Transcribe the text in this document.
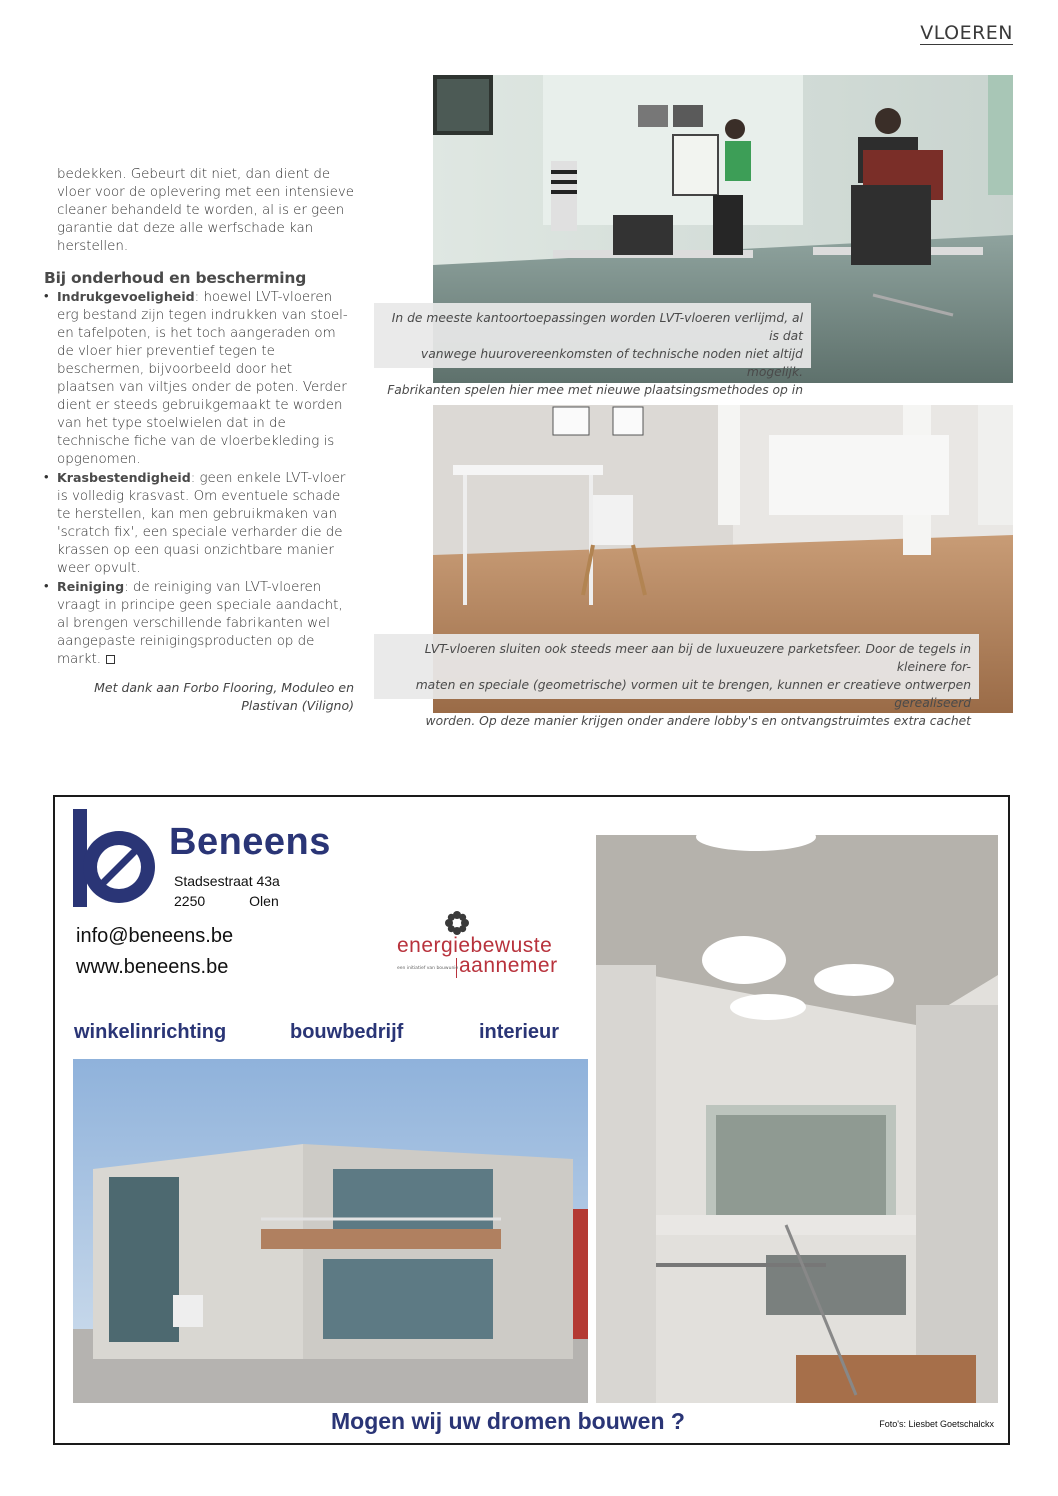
VLOEREN
bedekken. Gebeurt dit niet, dan dient de
vloer voor de oplevering met een intensieve
cleaner behandeld te worden, al is er geen
garantie dat deze alle werfschade kan
herstellen.
Bij onderhoud en bescherming
• Indrukgevoeligheid: hoewel LVT-vloeren erg bestand zijn tegen indrukken van stoel- en tafelpoten, is het toch aangeraden om de vloer hier preventief tegen te beschermen, bijvoorbeeld door het plaatsen van viltjes onder de poten. Verder dient er steeds gebruikgemaakt te worden van het type stoelwielen dat in de technische fiche van de vloerbekleding is opgenomen.
• Krasbestendigheid: geen enkele LVT-vloer is volledig krasvast. Om eventuele schade te herstellen, kan men gebruikmaken van 'scratch fix', een speciale verharder die de krassen op een quasi onzichtbare manier weer opvult.
• Reiniging: de reiniging van LVT-vloeren vraagt in principe geen speciale aandacht, al brengen verschillende fabrikanten wel aangepaste reinigingsproducten op de markt.
Met dank aan Forbo Flooring, Moduleo en
Plastivan (Viligno)
In de meeste kantoortoepassingen worden LVT-vloeren verlijmd, al is dat
vanwege huurovereenkomsten of technische noden niet altijd mogelijk.
Fabrikanten spelen hier mee met nieuwe plaatsingsmethodes op in
LVT-vloeren sluiten ook steeds meer aan bij de luxueuzere parketsfeer. Door de tegels in kleinere for-
maten en speciale (geometrische) vormen uit te brengen, kunnen er creatieve ontwerpen gerealiseerd
worden. Op deze manier krijgen onder andere lobby's en ontvangstruimtes extra cachet
Beneens
Stadsestraat 43a
2250	Olen
info@beneens.be
www.beneens.be
energiebewuste
aannemer
een initiatief van bouwunie
winkelinrichting	bouwbedrijf	interieur
Mogen wij uw dromen bouwen ?	Foto's: Liesbet Goetschalckx
